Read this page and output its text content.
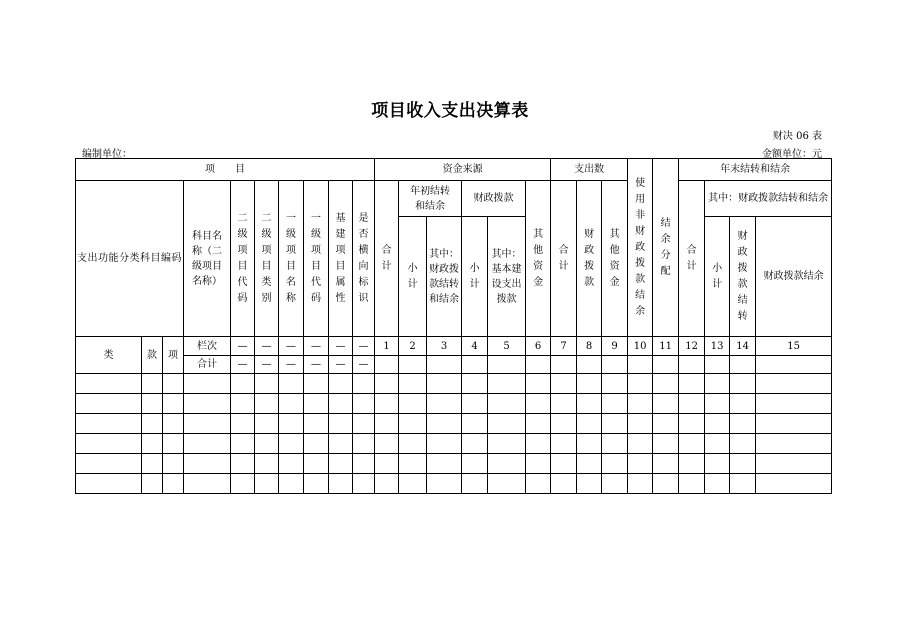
项目收入支出决算表
财决 06 表
编制单位：	金额单位：元
项　　目										资金来源						支出数			使用非财政拨款结余	结余分配	年末结转和结余			
支出功能分类科目编码			科目名称（二级项目名称）	二级项目代码	二级项目类别	一级项目名称	一级项目代码	基建项目属性	是否横向标识	合计	年初结转和结余		财政拨款		其他资金	合计	财政拨款	其他资金			合计	其中：财政拨款结转和结余		
											小计	其中：财政拨款结转和结余	小计	其中：基本建设支出拨款								小计	财政拨款结转	财政拨款结余
类	款	项	栏次	—	—	—	—	—	—	1	2	3	4	5	6	7	8	9	10	11	12	13	14	15
			合计	—	—	—	—	—	—															
